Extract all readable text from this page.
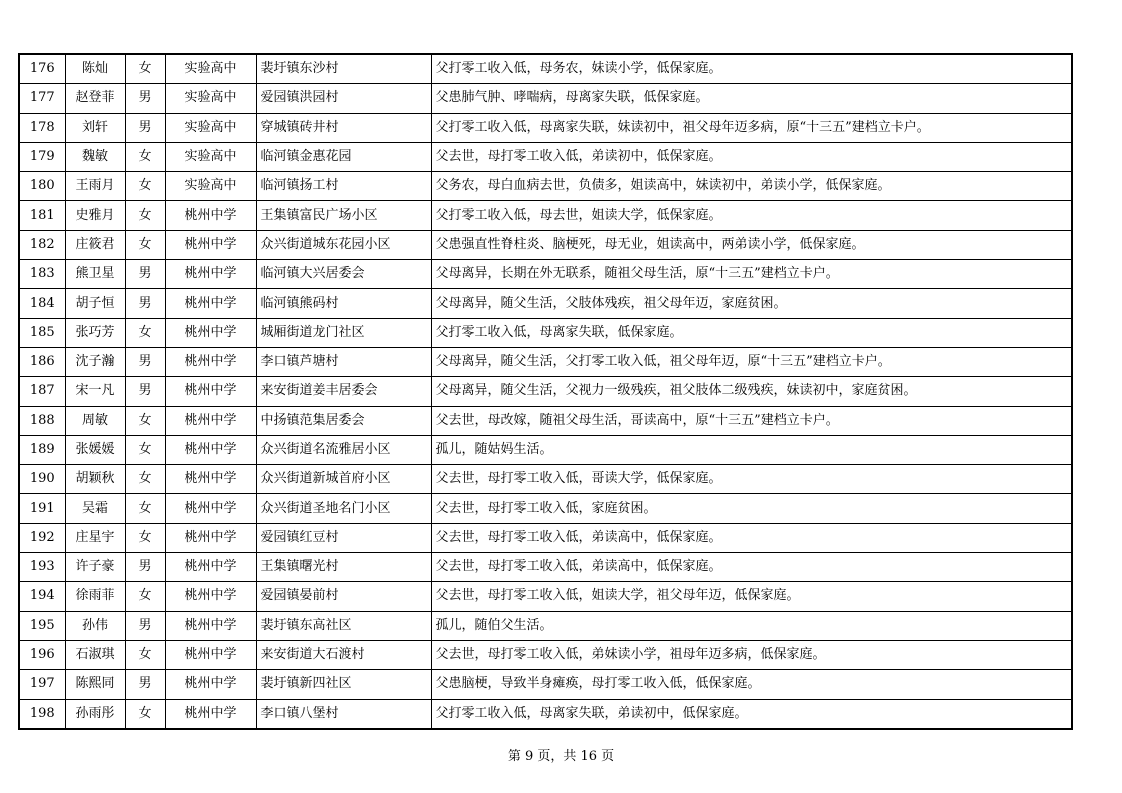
176	陈灿	女	实验高中	裴圩镇东沙村	父打零工收入低，母务农，妹读小学，低保家庭。
177	赵登菲	男	实验高中	爱园镇洪园村	父患肺气肿、哮喘病，母离家失联，低保家庭。
178	刘轩	男	实验高中	穿城镇砖井村	父打零工收入低，母离家失联，妹读初中，祖父母年迈多病，原“十三五”建档立卡户。
179	魏敏	女	实验高中	临河镇金惠花园	父去世，母打零工收入低，弟读初中，低保家庭。
180	王雨月	女	实验高中	临河镇扬工村	父务农，母白血病去世，负债多，姐读高中，妹读初中，弟读小学，低保家庭。
181	史雅月	女	桃州中学	王集镇富民广场小区	父打零工收入低，母去世，姐读大学，低保家庭。
182	庄筱君	女	桃州中学	众兴街道城东花园小区	父患强直性脊柱炎、脑梗死，母无业，姐读高中，两弟读小学，低保家庭。
183	熊卫星	男	桃州中学	临河镇大兴居委会	父母离异，长期在外无联系，随祖父母生活，原“十三五”建档立卡户。
184	胡子恒	男	桃州中学	临河镇熊码村	父母离异，随父生活，父肢体残疾，祖父母年迈，家庭贫困。
185	张巧芳	女	桃州中学	城厢街道龙门社区	父打零工收入低，母离家失联，低保家庭。
186	沈子瀚	男	桃州中学	李口镇芦塘村	父母离异，随父生活，父打零工收入低，祖父母年迈，原“十三五”建档立卡户。
187	宋一凡	男	桃州中学	来安街道姜丰居委会	父母离异，随父生活，父视力一级残疾，祖父肢体二级残疾，妹读初中，家庭贫困。
188	周敏	女	桃州中学	中扬镇范集居委会	父去世，母改嫁，随祖父母生活，哥读高中，原“十三五”建档立卡户。
189	张媛媛	女	桃州中学	众兴街道名流雅居小区	孤儿，随姑妈生活。
190	胡颖秋	女	桃州中学	众兴街道新城首府小区	父去世，母打零工收入低，哥读大学，低保家庭。
191	吴霜	女	桃州中学	众兴街道圣地名门小区	父去世，母打零工收入低，家庭贫困。
192	庄星宇	女	桃州中学	爱园镇红豆村	父去世，母打零工收入低，弟读高中，低保家庭。
193	许子豪	男	桃州中学	王集镇曙光村	父去世，母打零工收入低，弟读高中，低保家庭。
194	徐雨菲	女	桃州中学	爱园镇晏前村	父去世，母打零工收入低，姐读大学，祖父母年迈，低保家庭。
195	孙伟	男	桃州中学	裴圩镇东高社区	孤儿，随伯父生活。
196	石淑琪	女	桃州中学	来安街道大石渡村	父去世，母打零工收入低，弟妹读小学，祖母年迈多病，低保家庭。
197	陈熙同	男	桃州中学	裴圩镇新四社区	父患脑梗，导致半身瘫痪，母打零工收入低，低保家庭。
198	孙雨彤	女	桃州中学	李口镇八堡村	父打零工收入低，母离家失联，弟读初中，低保家庭。
第 9 页，共 16 页
